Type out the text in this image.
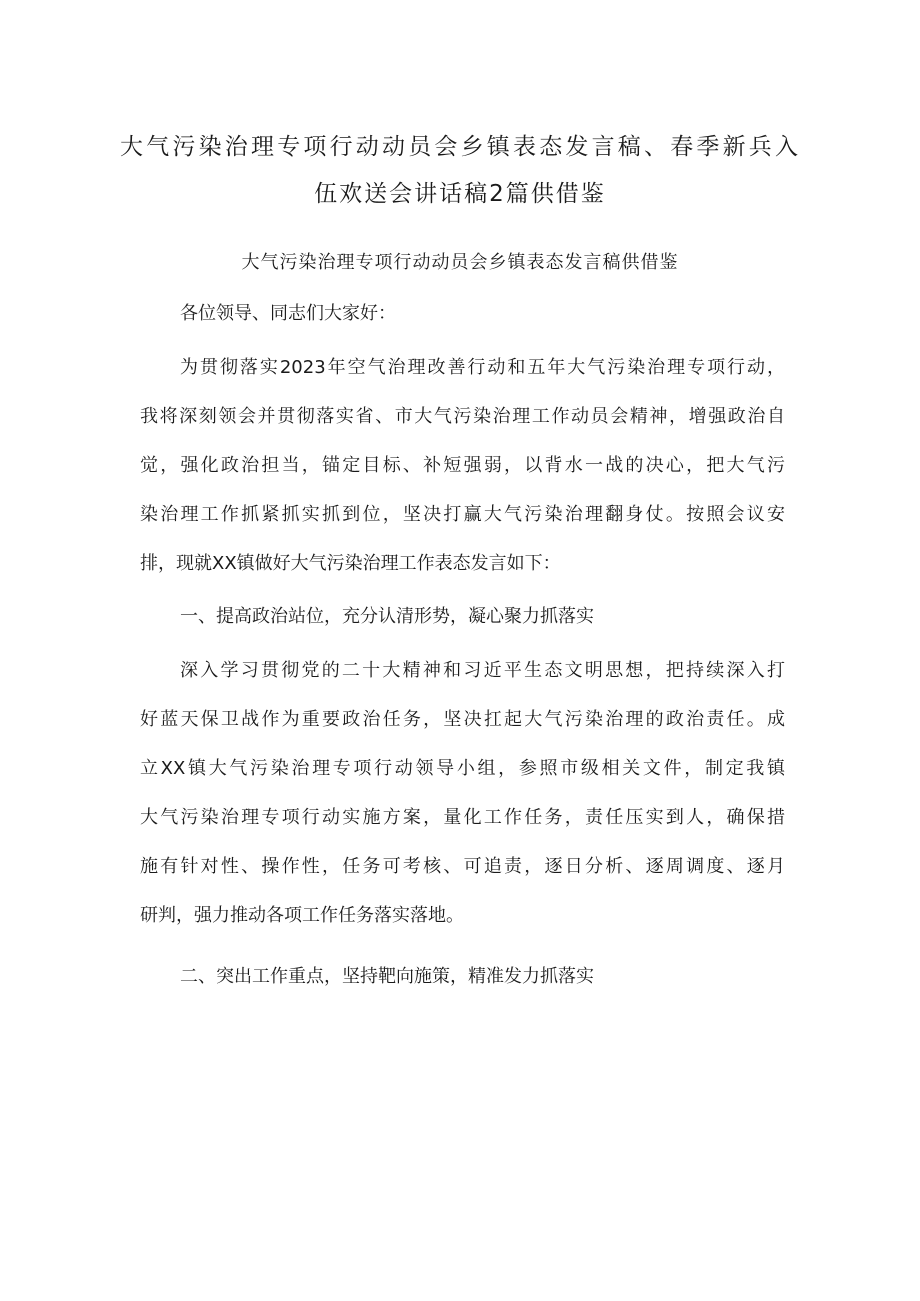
大气污染治理专项行动动员会乡镇表态发言稿、春季新兵入
伍欢送会讲话稿2篇供借鉴
大气污染治理专项行动动员会乡镇表态发言稿供借鉴
各位领导、同志们大家好：
为贯彻落实2023年空气治理改善行动和五年大气污染治理专项行动，
我将深刻领会并贯彻落实省、市大气污染治理工作动员会精神，增强政治自
觉，强化政治担当，锚定目标、补短强弱，以背水一战的决心，把大气污
染治理工作抓紧抓实抓到位，坚决打赢大气污染治理翻身仗。按照会议安
排，现就XX镇做好大气污染治理工作表态发言如下：
一、提高政治站位，充分认清形势，凝心聚力抓落实
深入学习贯彻党的二十大精神和习近平生态文明思想，把持续深入打
好蓝天保卫战作为重要政治任务，坚决扛起大气污染治理的政治责任。成
立XX镇大气污染治理专项行动领导小组，参照市级相关文件，制定我镇
大气污染治理专项行动实施方案，量化工作任务，责任压实到人，确保措
施有针对性、操作性，任务可考核、可追责，逐日分析、逐周调度、逐月
研判，强力推动各项工作任务落实落地。
二、突出工作重点，坚持靶向施策，精准发力抓落实
